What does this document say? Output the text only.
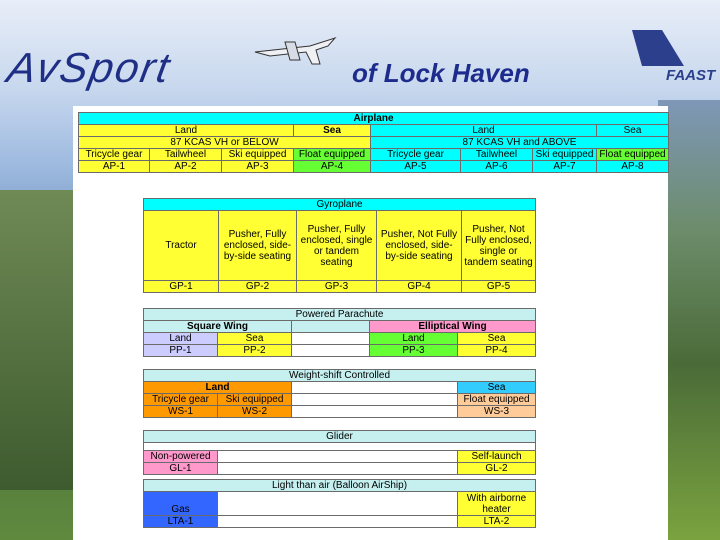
AvSport	of Lock Haven	FAAST
Airplane							
Land			Sea	Land			Sea
87 KCAS VH or BELOW				87 KCAS VH and ABOVE			
Tricycle gear	Tailwheel	Ski equipped	Float equipped	Tricycle gear	Tailwheel	Ski equipped	Float equipped
AP-1	AP-2	AP-3	AP-4	AP-5	AP-6	AP-7	AP-8
Gyroplane				
Tractor	Pusher, Fully enclosed, side-by-side seating	Pusher, Fully enclosed, single or tandem seating	Pusher, Not Fully enclosed, side-by-side seating	Pusher, Not Fully enclosed, single or tandem seating
GP-1	GP-2	GP-3	GP-4	GP-5
Powered Parachute				
Square Wing			Elliptical Wing	
Land	Sea		Land	Sea
PP-1	PP-2		PP-3	PP-4
Weight-shift Controlled			
Land			Sea
Tricycle gear	Ski equipped		Float equipped
WS-1	WS-2		WS-3
Glider		

Non-powered		Self-launch
GL-1		GL-2
Light than air (Balloon AirShip)		
Gas		With airborne heater
LTA-1		LTA-2
